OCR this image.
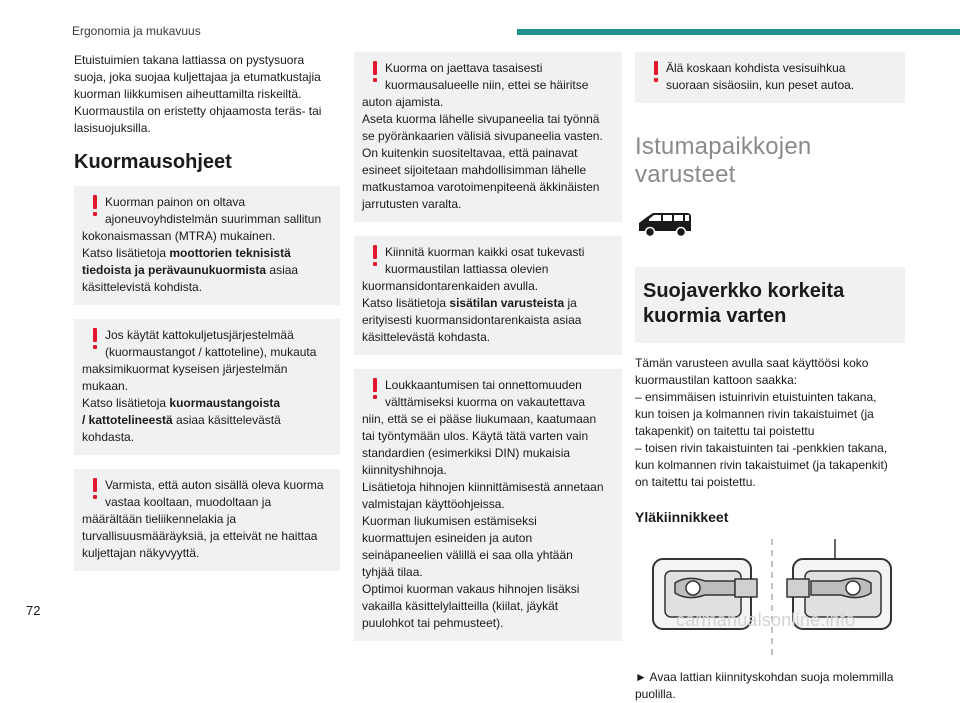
Ergonomia ja mukavuus
Etuistuimien takana lattiassa on pystysuora
suoja, joka suojaa kuljettajaa ja etumatkustajia
kuorman liikkumisen aiheuttamilta riskeiltä.
Kuormaustila on eristetty ohjaamosta teräs- tai
lasisuojuksilla.
Kuormausohjeet
Kuorman painon on oltava
ajoneuvoyhdistelmän suurimman sallitun
kokonaismassan (MTRA) mukainen.
Katso lisätietoja moottorien teknisistä
tiedoista ja perävaunukuormista asiaa
käsittelevistä kohdista.
Jos käytät kattokuljetusjärjestelmää
(kuormaustangot / kattoteline), mukauta
maksimikuormat kyseisen järjestelmän
mukaan.
Katso lisätietoja kuormaustangoista
/ kattotelineestä asiaa käsittelevästä
kohdasta.
Varmista, että auton sisällä oleva kuorma
vastaa kooltaan, muodoltaan ja
määrältään tieliikennelakia ja
turvallisuusmääräyksiä, ja etteivät ne haittaa
kuljettajan näkyvyyttä.
Kuorma on jaettava tasaisesti
kuormausalueelle niin, ettei se häiritse
auton ajamista.
Aseta kuorma lähelle sivupaneelia tai työnnä
se pyöränkaarien välisiä sivupaneelia vasten.
On kuitenkin suositeltavaa, että painavat
esineet sijoitetaan mahdollisimman lähelle
matkustamoa varotoimenpiteenä äkkinäisten
jarrutusten varalta.
Kiinnitä kuorman kaikki osat tukevasti
kuormaustilan lattiassa olevien
kuormansidontarenkaiden avulla.
Katso lisätietoja sisätilan varusteista ja
erityisesti kuormansidontarenkaista asiaa
käsittelevästä kohdasta.
Loukkaantumisen tai onnettomuuden
välttämiseksi kuorma on vakautettava
niin, että se ei pääse liukumaan, kaatumaan
tai työntymään ulos. Käytä tätä varten vain
standardien (esimerkiksi DIN) mukaisia
kiinnityshihnoja.
Lisätietoja hihnojen kiinnittämisestä annetaan
valmistajan käyttöohjeissa.
Kuorman liukumisen estämiseksi
kuormattujen esineiden ja auton
seinäpaneelien välillä ei saa olla yhtään
tyhjää tilaa.
Optimoi kuorman vakaus hihnojen lisäksi
vakailla käsittelylaitteilla (kiilat, jäykät
puulohkot tai pehmusteet).
Älä koskaan kohdista vesisuihkua
suoraan sisäosiin, kun peset autoa.
Istumapaikkojen varusteet
Suojaverkko korkeita
kuormia varten
Tämän varusteen avulla saat käyttöösi koko
kuormaustilan kattoon saakka:
– ensimmäisen istuinrivin etuistuinten takana,
kun toisen ja kolmannen rivin takaistuimet (ja
takapenkit) on taitettu tai poistettu
– toisen rivin takaistuinten tai -penkkien takana,
kun kolmannen rivin takaistuimet (ja takapenkit)
on taitettu tai poistettu.
Yläkiinnikkeet
► Avaa lattian kiinnityskohdan suoja molemmilla
puolilla.
72	carmanualsonline.info
